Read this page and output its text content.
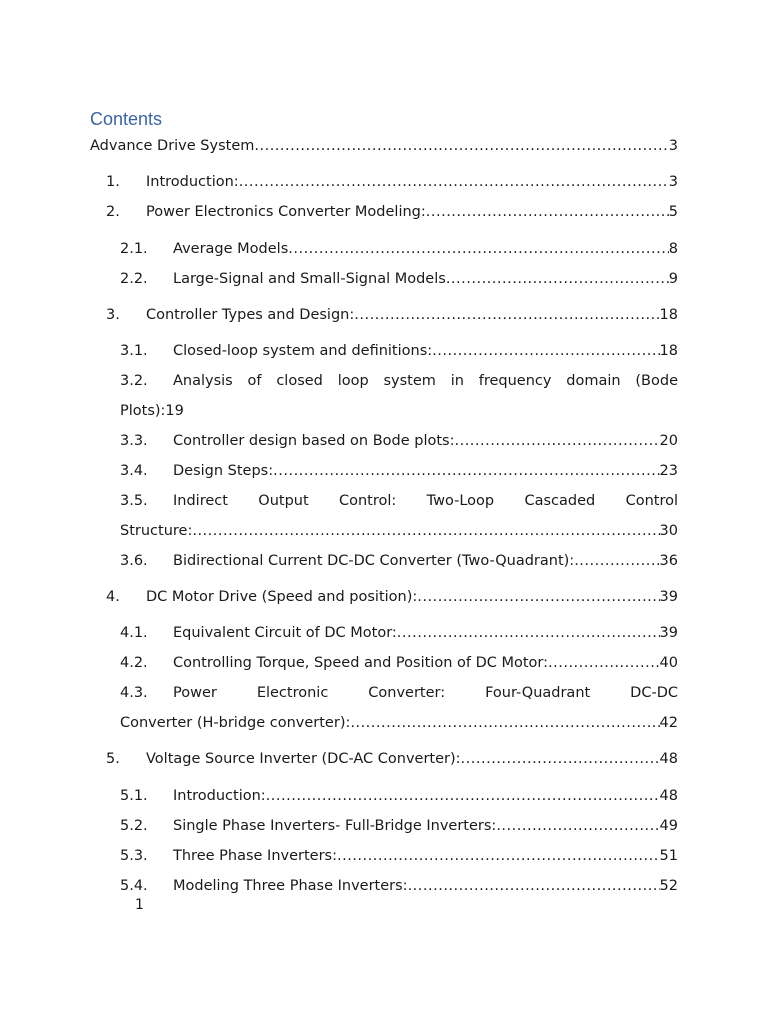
Contents
Advance Drive System .....	3
1.	Introduction: .....	3
2.	Power Electronics Converter Modeling: .....	5
2.1.	Average Models .....	8
2.2.	Large-Signal and Small-Signal Models .....	9
3.	Controller Types and Design: .....	18
3.1.	Closed-loop system and definitions: .....	18
3.2.	Analysis of closed loop system in frequency domain (Bode
Plots):19
3.3.	Controller design based on Bode plots: .....	20
3.4.	Design Steps: .....	23
3.5.	Indirect Output Control: Two-Loop Cascaded Control
Structure: .....	30
3.6.	Bidirectional Current DC-DC Converter (Two-Quadrant): .....	36
4.	DC Motor Drive (Speed and position): .....	39
4.1.	Equivalent Circuit of DC Motor: .....	39
4.2.	Controlling Torque, Speed and Position of DC Motor: .....	40
4.3.	Power Electronic Converter: Four-Quadrant DC-DC
Converter (H-bridge converter): .....	42
5.	Voltage Source Inverter (DC-AC Converter): .....	48
5.1.	Introduction: .....	48
5.2.	Single Phase Inverters- Full-Bridge Inverters: .....	49
5.3.	Three Phase Inverters: .....	51
5.4.	Modeling Three Phase Inverters: .....	52
1
